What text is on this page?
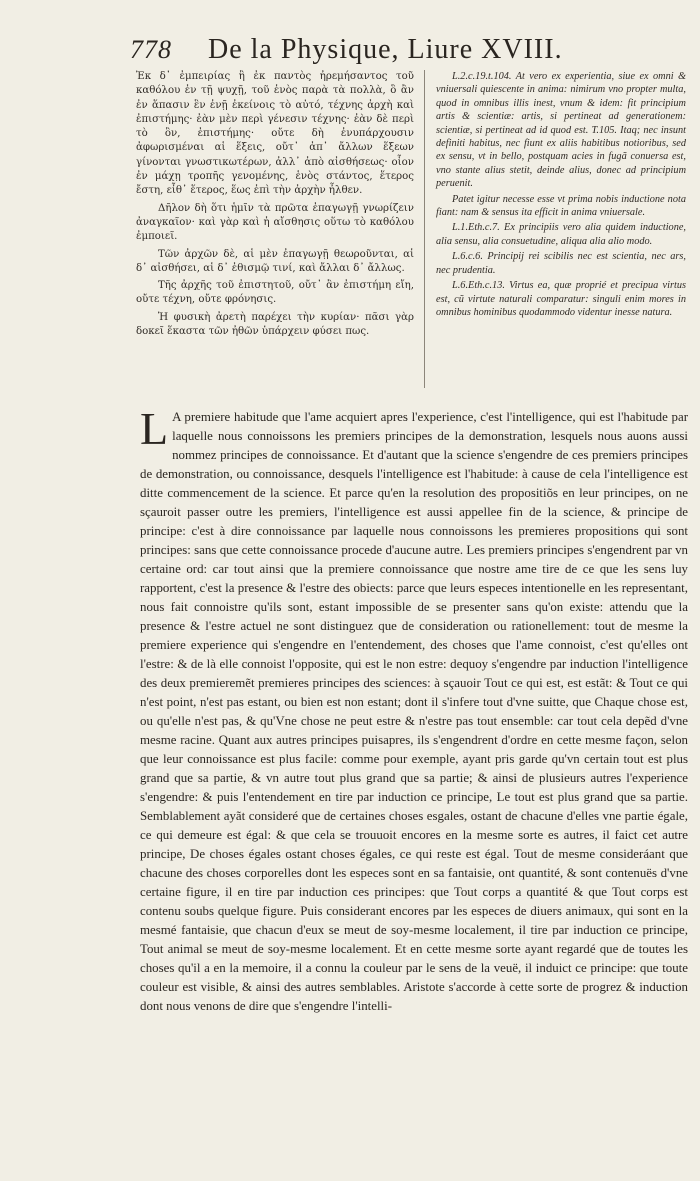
778 De la Physique, Liure XVIII.

Ἐκ δ᾽ ἐμπειρίας ἢ ἐκ παντὸς ἠρεμήσαντος τοῦ καθόλου ἐν τῇ ψυχῇ, τοῦ ἑνὸς παρὰ τὰ πολλὰ, ὃ ἂν ἐν ἅπασιν ἓν ἐνῇ ἐκείνοις τὸ αὐτό, τέχνης ἀρχὴ καὶ ἐπιστήμης· ἐὰν μὲν περὶ γένεσιν τέχνης· ἐὰν δὲ περὶ τὸ ὂν, ἐπιστήμης· οὔτε δὴ ἐνυπάρχουσιν ἀφωρισμέναι αἱ ἕξεις, οὔτ᾽ ἀπ᾽ ἄλλων ἕξεων γίνονται γνωστικωτέρων, ἀλλ᾽ ἀπὸ αἰσθήσεως· οἷον ἐν μάχῃ τροπῆς γενομένης, ἑνὸς στάντος, ἕτερος ἔστη, εἶθ᾽ ἕτερος, ἕως ἐπὶ τὴν ἀρχὴν ἦλθεν.

Δῆλον δὴ ὅτι ἡμῖν τὰ πρῶτα ἐπαγωγῇ γνωρίζειν ἀναγκαῖον· καὶ γὰρ καὶ ἡ αἴσθησις οὕτω τὸ καθόλου ἐμποιεῖ.

Τῶν ἀρχῶν δὲ, αἱ μὲν ἐπαγωγῇ θεωροῦνται, αἱ δ᾽ αἰσθήσει, αἱ δ᾽ ἐθισμῷ τινί, καὶ ἄλλαι δ᾽ ἄλλως.

Τῆς ἀρχῆς τοῦ ἐπιστητοῦ, οὔτ᾽ ἂν ἐπιστήμη εἴη, οὔτε τέχνη, οὔτε φρόνησις.

Ἡ φυσικὴ ἀρετὴ παρέχει τὴν κυρίαν· πᾶσι γὰρ δοκεῖ ἕκαστα τῶν ἠθῶν ὑπάρχειν φύσει πως.

L.2.c.19.t.104. At vero ex experientia, siue ex omni & vniuersali quiescente in anima: nimirum vno propter multa, quod in omnibus illis inest, vnum & idem: fit principium artis & scientiæ: artis, si pertineat ad generationem: scientiæ, si pertineat ad id quod est. T.105. Itaq; nec insunt definiti habitus, nec fiunt ex aliis habitibus notioribus, sed ex sensu, vt in bello, postquam acies in fugã conuersa est, vno stante alius stetit, deinde alius, donec ad principium peruenit.

Patet igitur necesse esse vt prima nobis inductione nota fiant: nam & sensus ita efficit in anima vniuersale.

L.1.Eth.c.7. Ex principiis vero alia quidem inductione, alia sensu, alia consuetudine, aliqua alia alio modo.

L.6.c.6. Principij rei scibilis nec est scientia, nec ars, nec prudentia.

L.6.Eth.c.13. Virtus ea, quæ proprié et precipua virtus est, cũ virtute naturali comparatur: singuli enim mores in omnibus hominibus quodammodo videntur inesse natura.

L A premiere habitude que l'ame acquiert apres l'experience, c'est l'intelligence, qui est l'habitude par laquelle nous connoissons les premiers principes de la demonstration, lesquels nous auons aussi nommez principes de connoissance. Et d'autant que la science s'engendre de ces premiers principes de demonstration, ou connoissance, desquels l'intelligence est l'habitude: à cause de cela l'intelligence est ditte commencement de la science. Et parce qu'en la resolution des propositiõs en leur principes, on ne sçauroit passer outre les premiers, l'intelligence est aussi appellee fin de la science, & principe de principe: c'est à dire connoissance par laquelle nous connoissons les premieres propositions qui sont principes: sans que cette connoissance procede d'aucune autre. Les premiers principes s'engendrent par vn certaine ord: car tout ainsi que la premiere connoissance que nostre ame tire de ce que les sens luy rapportent, c'est la presence & l'estre des obiects: parce que leurs especes intentionelle en les representant, nous fait connoistre qu'ils sont, estant impossible de se presenter sans qu'on existe: attendu que la presence & l'estre actuel ne sont distinguez que de consideration ou rationellement: tout de mesme la premiere experience qui s'engendre en l'entendement, des choses que l'ame connoist, c'est qu'elles ont l'estre: & de là elle connoist l'opposite, qui est le non estre: dequoy s'engendre par induction l'intelligence des deux premieremẽt premieres principes des sciences: à sçauoir Tout ce qui est, est estãt: & Tout ce qui n'est point, n'est pas estant, ou bien est non estant; dont il s'infere tout d'vne suitte, que Chaque chose est, ou qu'elle n'est pas, & qu'Vne chose ne peut estre & n'estre pas tout ensemble: car tout cela depẽd d'vne mesme racine. Quant aux autres principes puisapres, ils s'engendrent d'ordre en cette mesme façon, selon que leur connoissance est plus facile: comme pour exemple, ayant pris garde qu'vn certain tout est plus grand que sa partie, & vn autre tout plus grand que sa partie; & ainsi de plusieurs autres l'experience s'engendre: & puis l'entendement en tire par induction ce principe, Le tout est plus grand que sa partie. Semblablement ayãt consideré que de certaines choses esgales, ostant de chacune d'elles vne partie égale, ce qui demeure est égal: & que cela se trouuoit encores en la mesme sorte es autres, il faict cet autre principe, De choses égales ostant choses égales, ce qui reste est égal. Tout de mesme consideráant que chacune des choses corporelles dont les especes sont en sa fantaisie, ont quantité, & sont contenuës d'vne certaine figure, il en tire par induction ces principes: que Tout corps a quantité & que Tout corps est contenu soubs quelque figure. Puis considerant encores par les especes de diuers animaux, qui sont en la mesmé fantaisie, que chacun d'eux se meut de soy-mesme localement, il tire par induction ce principe, Tout animal se meut de soy-mesme localement. Et en cette mesme sorte ayant regardé que de toutes les choses qu'il a en la memoire, il a connu la couleur par le sens de la veuë, il induict ce principe: que toute couleur est visible, & ainsi des autres semblables. Aristote s'accorde à cette sorte de progrez & induction dont nous venons de dire que s'engendre l'intelli-
